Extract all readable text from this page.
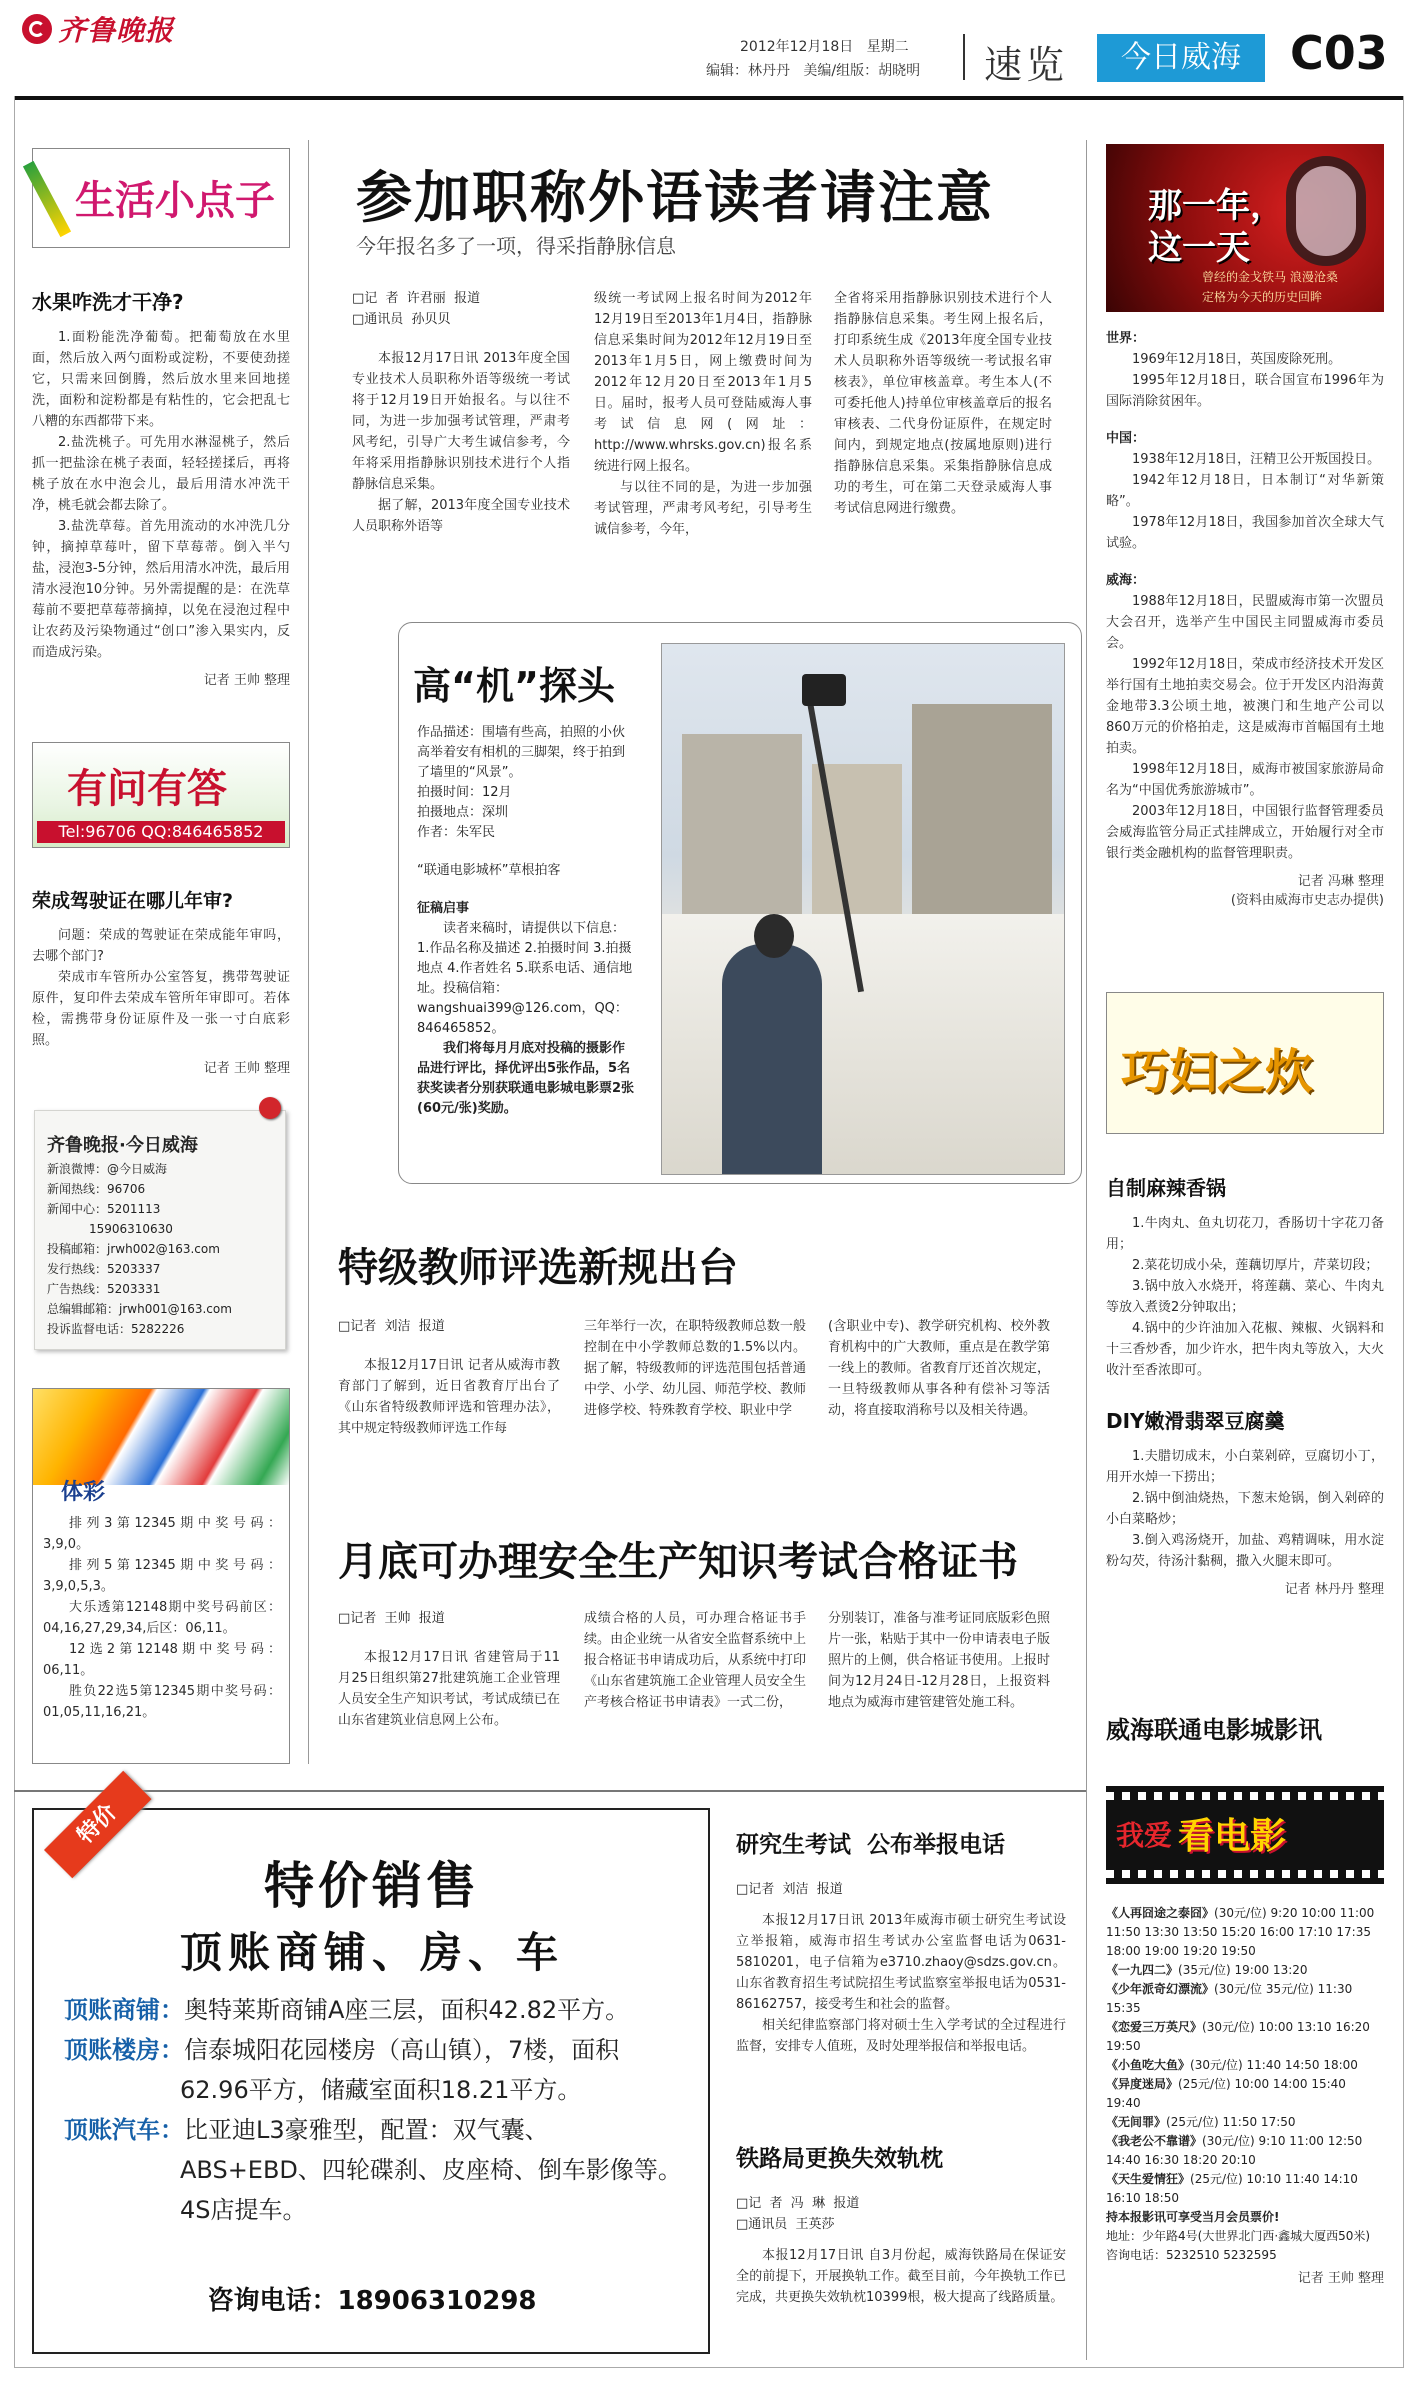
齐鲁晚报	2012年12月18日 星期二
编辑：林丹丹 美编/组版：胡晓明 速览	今日威海	C03
生活小点子
水果咋洗才干净?

1.面粉能洗净葡萄。把葡萄放在水里面，然后放入两勺面粉或淀粉，不要使劲搓它，只需来回倒腾，然后放水里来回地搓洗，面粉和淀粉都是有粘性的，它会把乱七八糟的东西都带下来。

2.盐洗桃子。可先用水淋湿桃子，然后抓一把盐涂在桃子表面，轻轻搓揉后，再将桃子放在水中泡会儿，最后用清水冲洗干净，桃毛就会都去除了。

3.盐洗草莓。首先用流动的水冲洗几分钟，摘掉草莓叶，留下草莓蒂。倒入半勺盐，浸泡3-5分钟，然后用清水冲洗，最后用清水浸泡10分钟。另外需提醒的是：在洗草莓前不要把草莓蒂摘掉，以免在浸泡过程中让农药及污染物通过“创口”渗入果实内，反而造成污染。

记者 王帅 整理
有问有答
Tel:96706 QQ:846465852
荣成驾驶证在哪儿年审?

问题：荣成的驾驶证在荣成能年审吗，去哪个部门?

荣成市车管所办公室答复，携带驾驶证原件，复印件去荣成车管所年审即可。若体检，需携带身份证原件及一张一寸白底彩照。

记者 王帅 整理
齐鲁晚报·今日威海
新浪微博：@今日威海
新闻热线：96706
新闻中心：5201113
15906310630
投稿邮箱：jrwh002@163.com
发行热线：5203337
广告热线：5203331
总编辑邮箱：jrwh001@163.com
投诉监督电话：5282226
体彩

排列3第12345期中奖号码：3,9,0。

排列5第12345期中奖号码：3,9,0,5,3。

大乐透第12148期中奖号码前区：04,16,27,29,34,后区：06,11。

12选2第12148期中奖号码：06,11。

胜负22选5第12345期中奖号码：01,05,11,16,21。

参加职称外语读者请注意
今年报名多了一项，得采指静脉信息
□记  者  许君丽  报道
□通讯员  孙贝贝

本报12月17日讯 2013年度全国专业技术人员职称外语等级统一考试将于12月19日开始报名。与以往不同，为进一步加强考试管理，严肃考风考纪，引导广大考生诚信参考，今年将采用指静脉识别技术进行个人指静脉信息采集。

据了解，2013年度全国专业技术人员职称外语等

级统一考试网上报名时间为2012年12月19日至2013年1月4日，指静脉信息采集时间为2012年12月19日至2013年1月5日，网上缴费时间为2012年12月20日至2013年1月5日。届时，报考人员可登陆威海人事考试信息网(网址：http://www.whrsks.gov.cn)报名系统进行网上报名。

与以往不同的是，为进一步加强考试管理，严肃考风考纪，引导考生诚信参考，今年，

全省将采用指静脉识别技术进行个人指静脉信息采集。考生网上报名后，打印系统生成《2013年度全国专业技术人员职称外语等级统一考试报名审核表》，单位审核盖章。考生本人(不可委托他人)持单位审核盖章后的报名审核表、二代身份证原件，在规定时间内，到规定地点(按属地原则)进行指静脉信息采集。采集指静脉信息成功的考生，可在第二天登录威海人事考试信息网进行缴费。

高“机”探头
作品描述：围墙有些高，拍照的小伙高举着安有相机的三脚架，终于拍到了墙里的“风景”。
拍摄时间：12月
拍摄地点：深圳
作者：朱军民
“联通电影城杯”草根拍客
征稿启事
读者来稿时，请提供以下信息：1.作品名称及描述 2.拍摄时间 3.拍摄地点 4.作者姓名 5.联系电话、通信地址。投稿信箱：wangshuai399@126.com，QQ：846465852。
我们将每月月底对投稿的摄影作品进行评比，择优评出5张作品，5名获奖读者分别获联通电影城电影票2张(60元/张)奖励。
特级教师评选新规出台
□记者  刘洁  报道

本报12月17日讯 记者从威海市教育部门了解到，近日省教育厅出台了《山东省特级教师评选和管理办法》，其中规定特级教师评选工作每

三年举行一次，在职特级教师总数一般控制在中小学教师总数的1.5%以内。据了解，特级教师的评选范围包括普通中学、小学、幼儿园、师范学校、教师进修学校、特殊教育学校、职业中学

(含职业中专)、教学研究机构、校外教育机构中的广大教师，重点是在教学第一线上的教师。省教育厅还首次规定，一旦特级教师从事各种有偿补习等活动，将直接取消称号以及相关待遇。

月底可办理安全生产知识考试合格证书
□记者  王帅  报道

本报12月17日讯 省建管局于11月25日组织第27批建筑施工企业管理人员安全生产知识考试，考试成绩已在山东省建筑业信息网上公布。

成绩合格的人员，可办理合格证书手续。由企业统一从省安全监督系统中上报合格证书申请成功后，从系统中打印《山东省建筑施工企业管理人员安全生产考核合格证书申请表》一式二份，

分别装订，准备与准考证同底版彩色照片一张，粘贴于其中一份申请表电子版照片的上侧，供合格证书使用。上报时间为12月24日-12月28日，上报资料地点为威海市建管建管处施工科。

特价
特价销售
顶账商铺、房、车
顶账商铺：奥特莱斯商铺A座三层，面积42.82平方。
顶账楼房：信泰城阳花园楼房（高山镇），7楼，面积62.96平方，储藏室面积18.21平方。
顶账汽车：比亚迪L3豪雅型，配置：双气囊、ABS+EBD、四轮碟刹、皮座椅、倒车影像等。4S店提车。
咨询电话：18906310298
研究生考试  公布举报电话
□记者  刘洁  报道

本报12月17日讯 2013年威海市硕士研究生考试设立举报箱，威海市招生考试办公室监督电话为0631-5810201，电子信箱为e3710.zhaoy@sdzs.gov.cn。山东省教育招生考试院招生考试监察室举报电话为0531-86162757，接受考生和社会的监督。

相关纪律监察部门将对硕士生入学考试的全过程进行监督，安排专人值班，及时处理举报信和举报电话。

铁路局更换失效轨枕
□记  者  冯  琳  报道
□通讯员  王英莎

本报12月17日讯 自3月份起，威海铁路局在保证安全的前提下，开展换轨工作。截至目前，今年换轨工作已完成，共更换失效轨枕10399根，极大提高了线路质量。

那一年，
这一天
曾经的金戈铁马 浪漫沧桑
定格为今天的历史回眸
世界：

1969年12月18日，英国废除死刑。

1995年12月18日，联合国宣布1996年为国际消除贫困年。

中国：

1938年12月18日，汪精卫公开叛国投日。

1942年12月18日，日本制订“对华新策略”。

1978年12月18日，我国参加首次全球大气试验。

威海：

1988年12月18日，民盟威海市第一次盟员大会召开，选举产生中国民主同盟威海市委员会。

1992年12月18日，荣成市经济技术开发区举行国有土地拍卖交易会。位于开发区内沿海黄金地带3.3公顷土地，被澳门和生地产公司以860万元的价格拍走，这是威海市首幅国有土地拍卖。

1998年12月18日，威海市被国家旅游局命名为“中国优秀旅游城市”。

2003年12月18日，中国银行监督管理委员会威海监管分局正式挂牌成立，开始履行对全市银行类金融机构的监督管理职责。

记者 冯琳 整理
(资料由威海市史志办提供)
巧妇之炊
自制麻辣香锅

1.牛肉丸、鱼丸切花刀，香肠切十字花刀备用；

2.菜花切成小朵，莲藕切厚片，芹菜切段；

3.锅中放入水烧开，将莲藕、菜心、牛肉丸等放入煮烫2分钟取出；

4.锅中的少许油加入花椒、辣椒、火锅料和十三香炒香，加少许水，把牛肉丸等放入，大火收汁至香浓即可。

DIY嫩滑翡翠豆腐羹

1.夫腊切成末，小白菜剁碎，豆腐切小丁，用开水焯一下捞出；

2.锅中倒油烧热，下葱末炝锅，倒入剁碎的小白菜略炒；

3.倒入鸡汤烧开，加盐、鸡精调味，用水淀粉勾芡，待汤汁黏稠，撒入火腿末即可。

记者 林丹丹 整理
威海联通电影城影讯
我爱 看电影
《人再囧途之泰囧》(30元/位) 9:20 10:00 11:00 11:50 13:30 13:50 15:20 16:00 17:10 17:35 18:00 19:00 19:20 19:50
《一九四二》(35元/位) 19:00 13:20
《少年派奇幻漂流》(30元/位 35元/位) 11:30 15:35
《恋爱三万英尺》(30元/位) 10:00 13:10 16:20 19:50
《小鱼吃大鱼》(30元/位) 11:40 14:50 18:00
《异度迷局》(25元/位) 10:00 14:00 15:40 19:40
《无间罪》(25元/位) 11:50 17:50
《我老公不靠谱》(30元/位) 9:10 11:00 12:50 14:40 16:30 18:20 20:10
《天生爱情狂》(25元/位) 10:10 11:40 14:10 16:10 18:50
持本报影讯可享受当月会员票价!
地址：少年路4号(大世界北门西·鑫城大厦西50米)
咨询电话：5232510 5232595
记者 王帅 整理
